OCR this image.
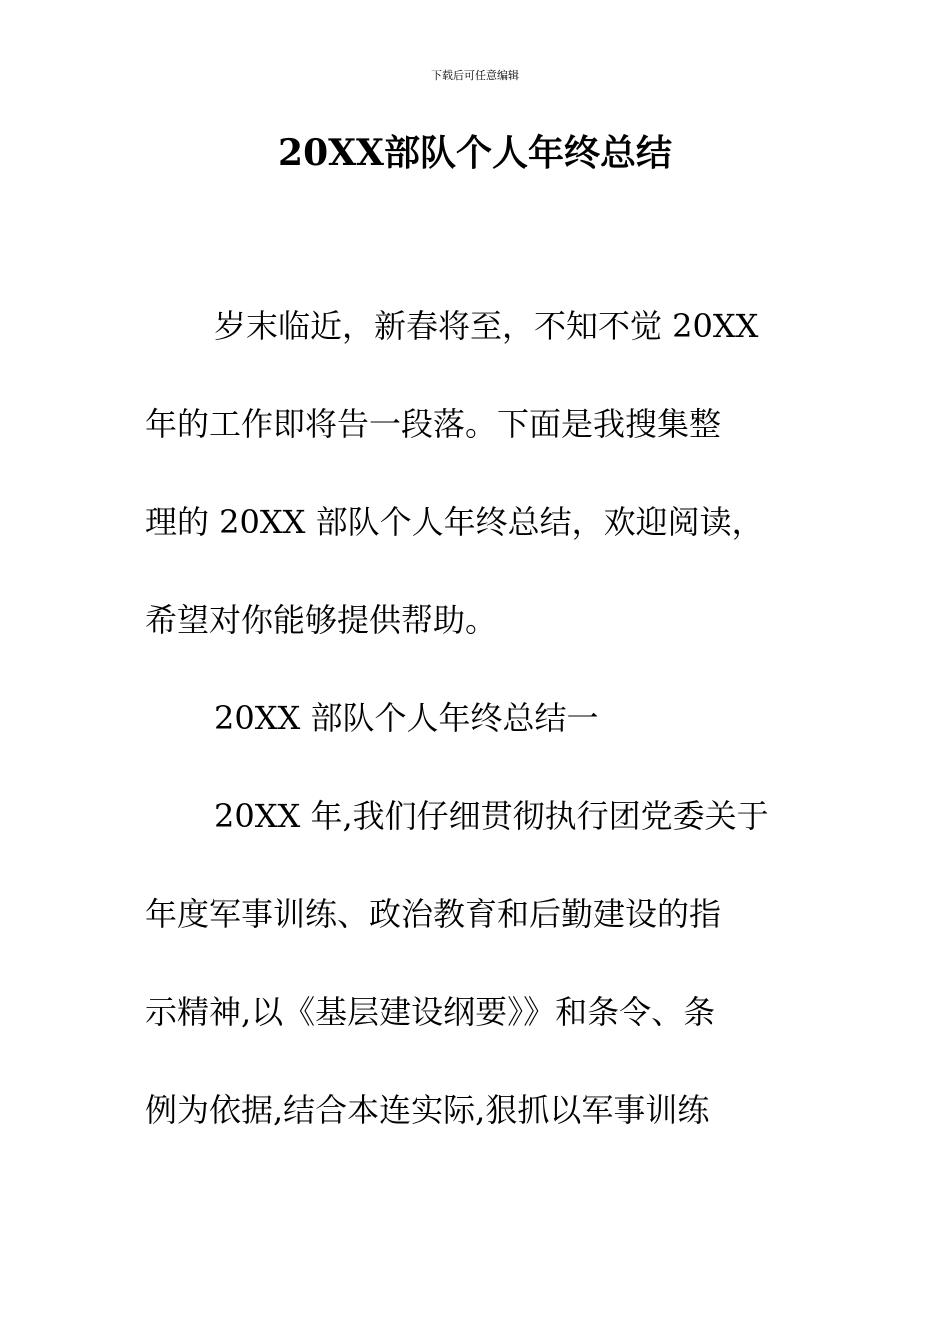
下载后可任意编辑
20XX部队个人年终总结
岁末临近，新春将至，不知不觉 20XX
年的工作即将告一段落。下面是我搜集整
理的 20XX 部队个人年终总结，欢迎阅读，
希望对你能够提供帮助。
20XX 部队个人年终总结一
20XX 年,我们仔细贯彻执行团党委关于
年度军事训练、政治教育和后勤建设的指
示精神,以《基层建设纲要》》和条令、条
例为依据,结合本连实际,狠抓以军事训练
